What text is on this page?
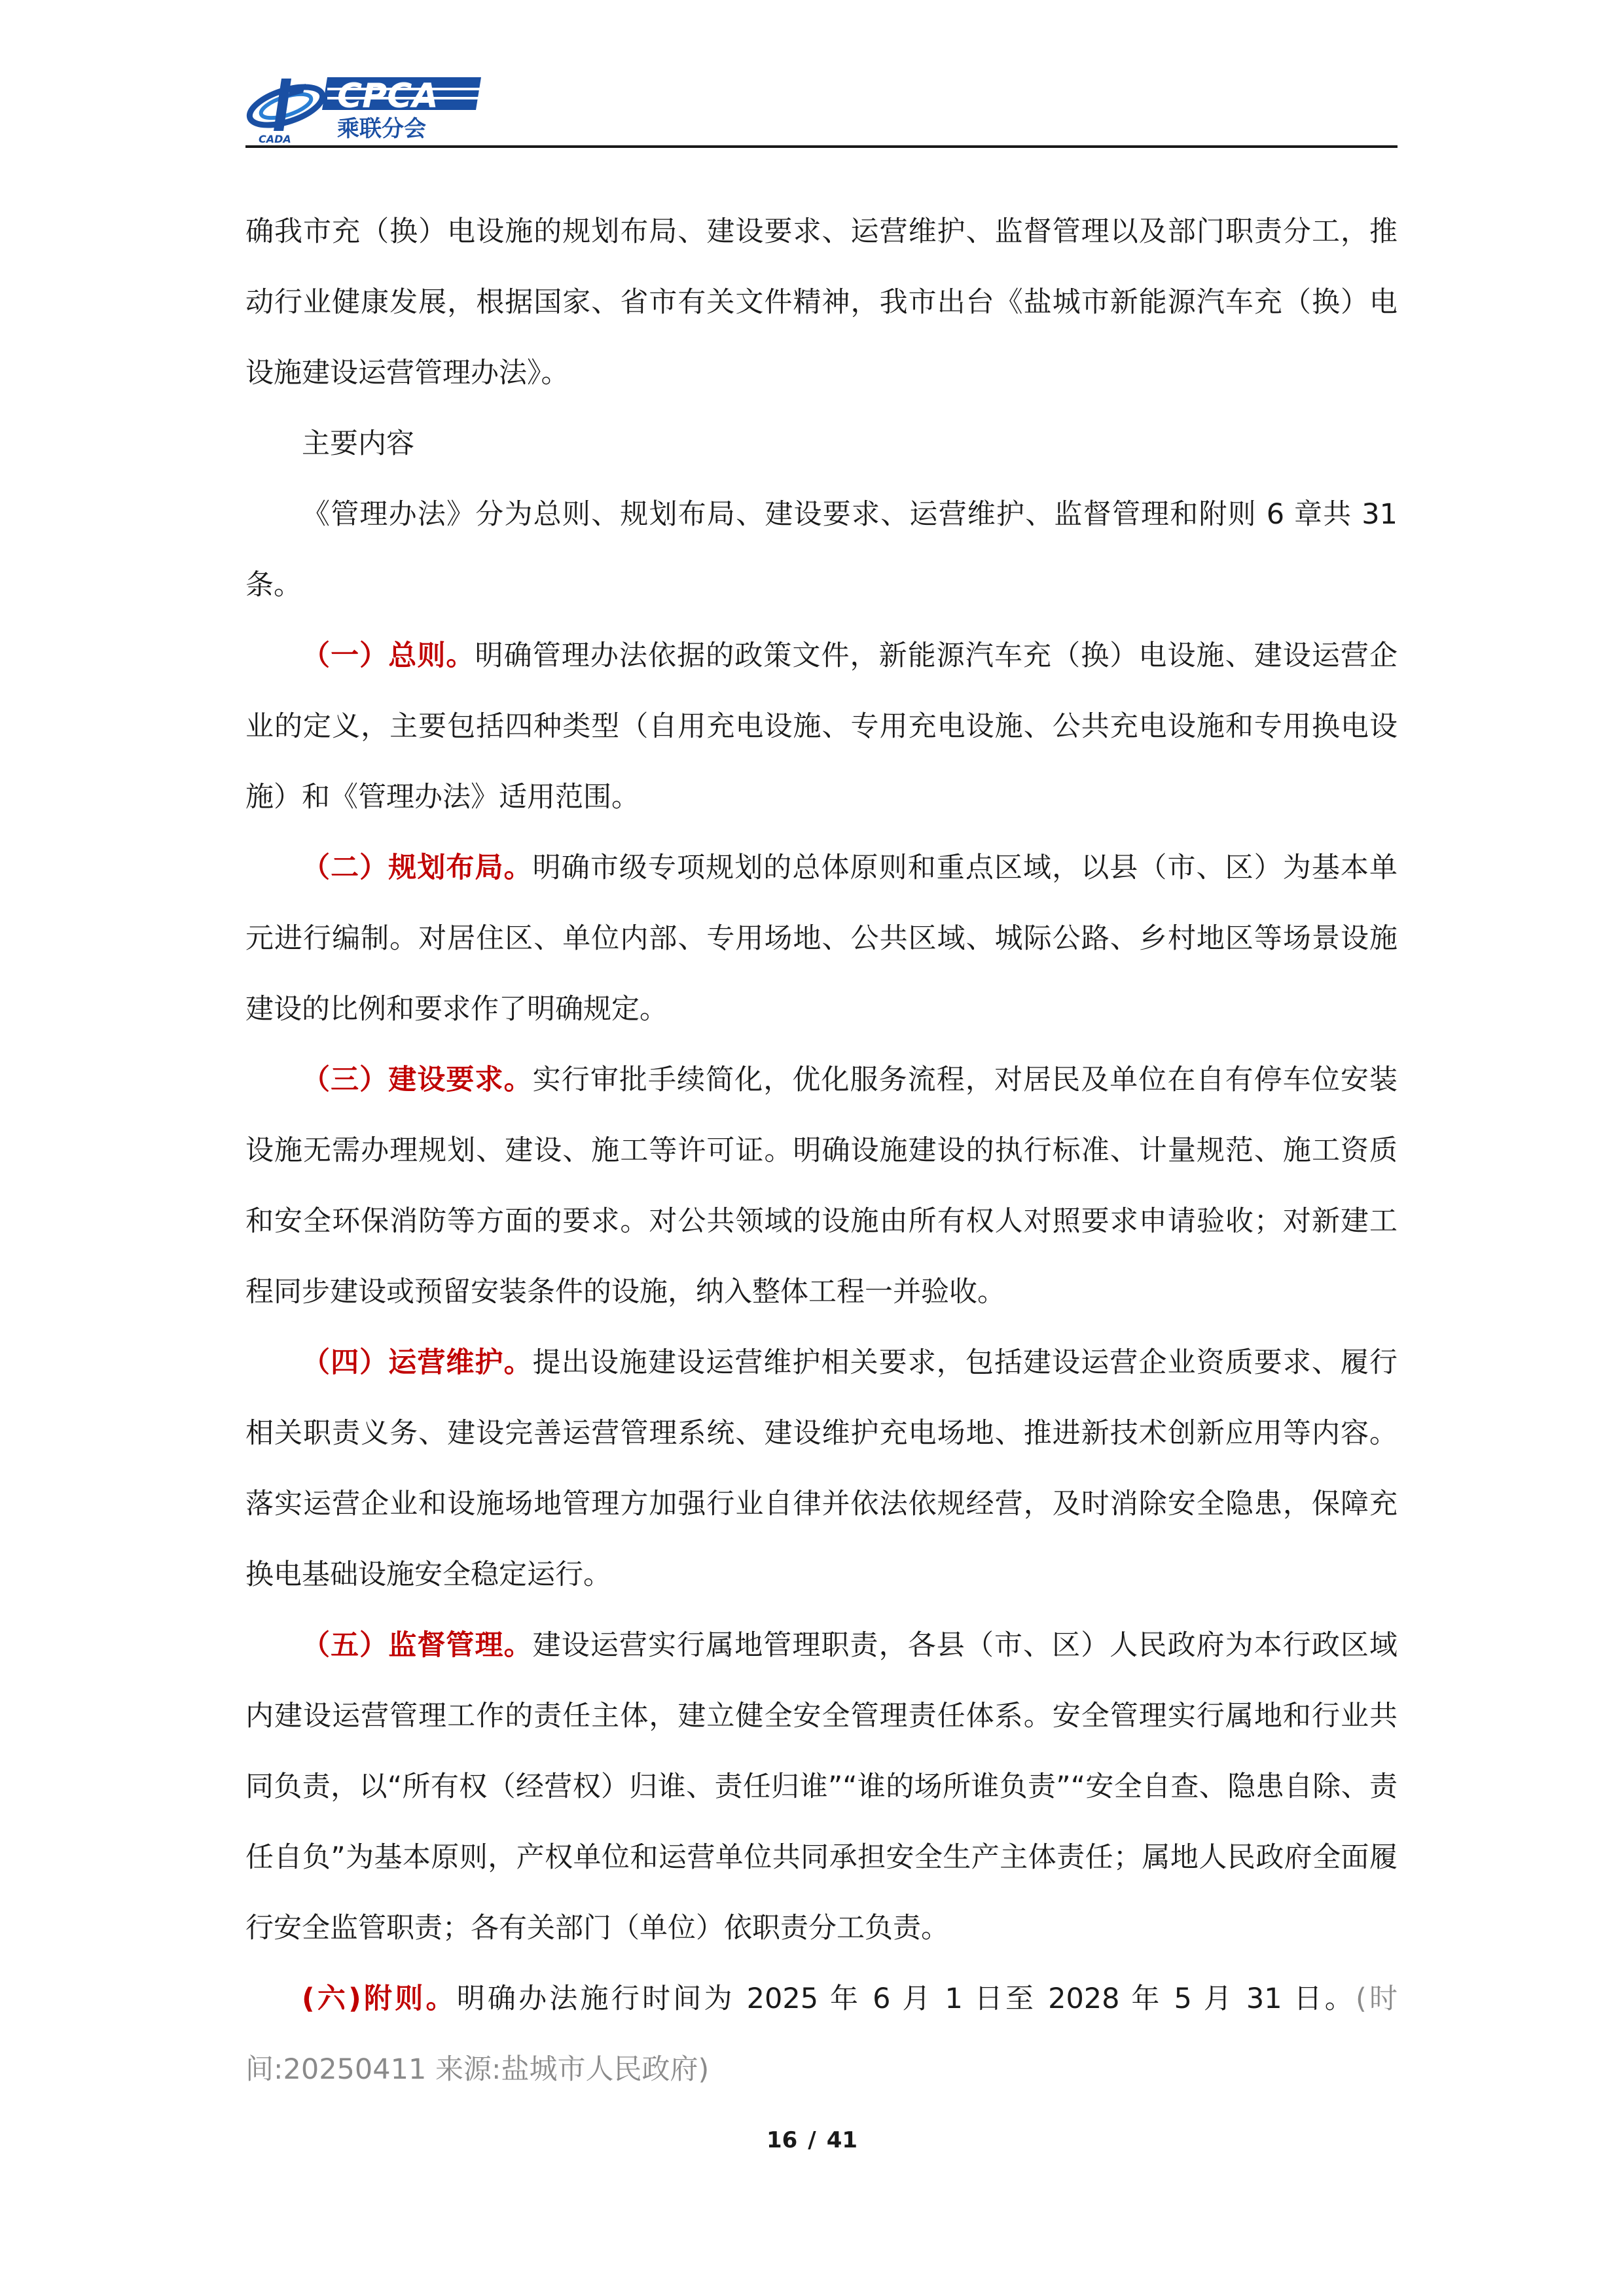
CADA
CPCA
乘联分会

确我市充（换）电设施的规划布局、建设要求、运营维护、监督管理以及部门职责分工，推动行业健康发展，根据国家、省市有关文件精神，我市出台《盐城市新能源汽车充（换）电设施建设运营管理办法》。

主要内容

《管理办法》分为总则、规划布局、建设要求、运营维护、监督管理和附则 6 章共 31 条。

（一）总则。明确管理办法依据的政策文件，新能源汽车充（换）电设施、建设运营企业的定义，主要包括四种类型（自用充电设施、专用充电设施、公共充电设施和专用换电设施）和《管理办法》适用范围。

（二）规划布局。明确市级专项规划的总体原则和重点区域，以县（市、区）为基本单元进行编制。对居住区、单位内部、专用场地、公共区域、城际公路、乡村地区等场景设施建设的比例和要求作了明确规定。

（三）建设要求。实行审批手续简化，优化服务流程，对居民及单位在自有停车位安装设施无需办理规划、建设、施工等许可证。明确设施建设的执行标准、计量规范、施工资质和安全环保消防等方面的要求。对公共领域的设施由所有权人对照要求申请验收；对新建工程同步建设或预留安装条件的设施，纳入整体工程一并验收。

（四）运营维护。提出设施建设运营维护相关要求，包括建设运营企业资质要求、履行相关职责义务、建设完善运营管理系统、建设维护充电场地、推进新技术创新应用等内容。落实运营企业和设施场地管理方加强行业自律并依法依规经营，及时消除安全隐患，保障充换电基础设施安全稳定运行。

（五）监督管理。建设运营实行属地管理职责，各县（市、区）人民政府为本行政区域内建设运营管理工作的责任主体，建立健全安全管理责任体系。安全管理实行属地和行业共同负责，以“所有权（经营权）归谁、责任归谁”“谁的场所谁负责”“安全自查、隐患自除、责任自负”为基本原则，产权单位和运营单位共同承担安全生产主体责任；属地人民政府全面履行安全监管职责；各有关部门（单位）依职责分工负责。

(六)附则。明确办法施行时间为 2025 年 6 月 1 日至 2028 年 5 月 31 日。(时间:20250411 来源:盐城市人民政府)

16 / 41
